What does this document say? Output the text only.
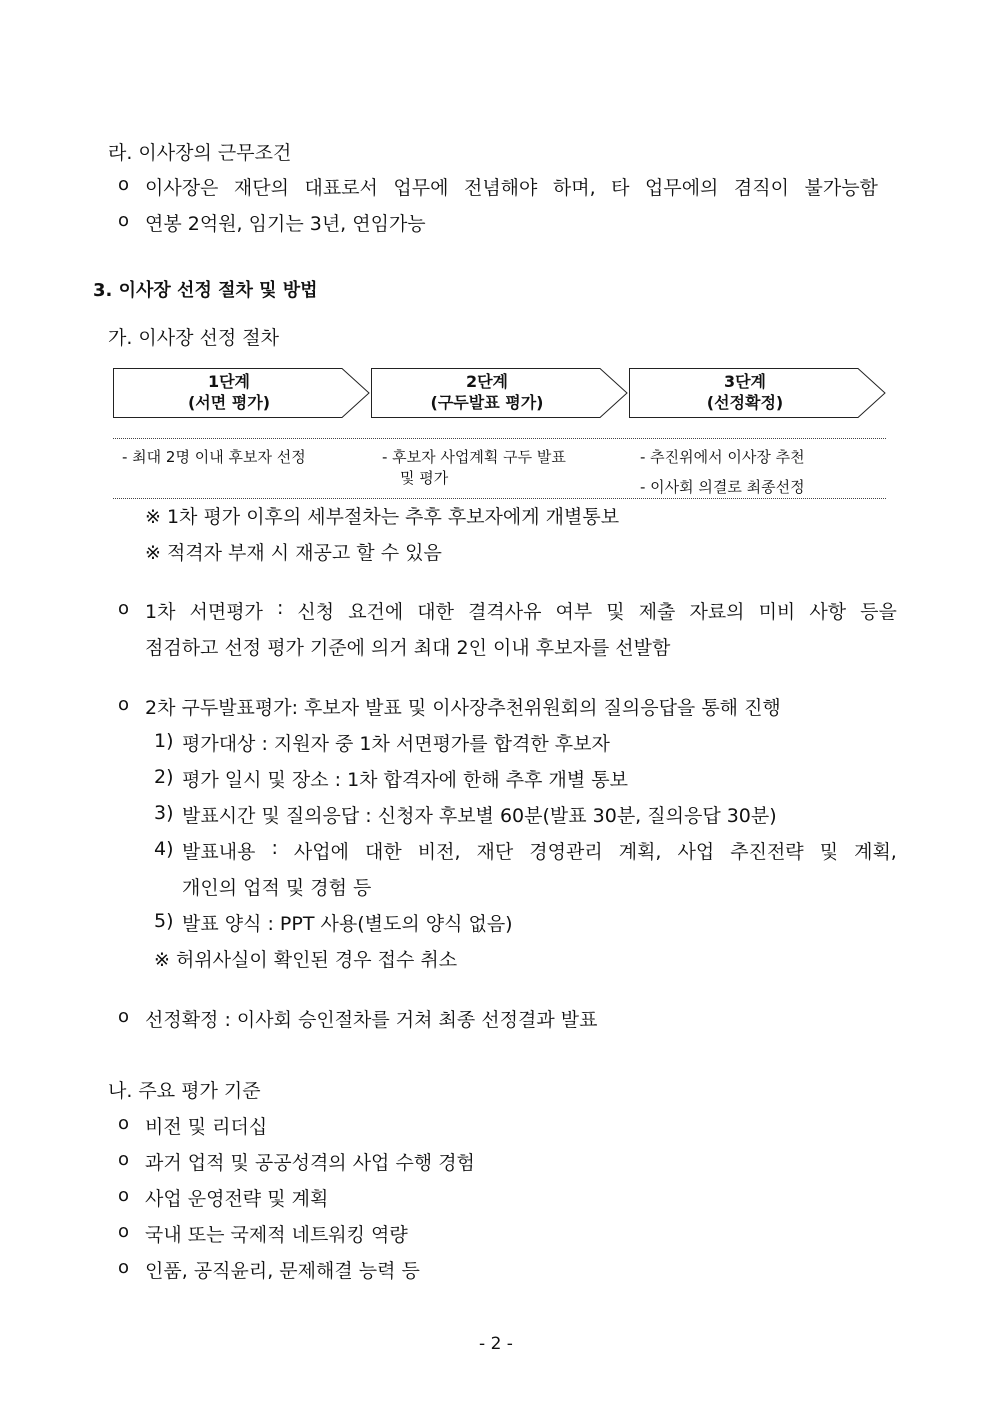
라. 이사장의 근무조건
o 이사장은 재단의 대표로서 업무에 전념해야 하며, 타 업무에의 겸직이 불가능함
o 연봉 2억원, 임기는 3년, 연임가능
3. 이사장 선정 절차 및 방법
가. 이사장 선정 절차
1단계
(서면 평가)
2단계
(구두발표 평가)
3단계
(선정확정)
- 최대 2명 이내 후보자 선정	- 후보자 사업계획 구두 발표
및 평가
- 추진위에서 이사장 추천
- 이사회 의결로 최종선정
※ 1차 평가 이후의 세부절차는 추후 후보자에게 개별통보
※ 적격자 부재 시 재공고 할 수 있음
o 1차 서면평가 : 신청 요건에 대한 결격사유 여부 및 제출 자료의 미비 사항 등을
점검하고 선정 평가 기준에 의거 최대 2인 이내 후보자를 선발함
o 2차 구두발표평가: 후보자 발표 및 이사장추천위원회의 질의응답을 통해 진행
1) 평가대상 : 지원자 중 1차 서면평가를 합격한 후보자
2) 평가 일시 및 장소 : 1차 합격자에 한해 추후 개별 통보
3) 발표시간 및 질의응답 : 신청자 후보별 60분(발표 30분, 질의응답 30분)
4) 발표내용 : 사업에 대한 비전, 재단 경영관리 계획, 사업 추진전략 및 계획,
개인의 업적 및 경험 등
5) 발표 양식 : PPT 사용(별도의 양식 없음)
※ 허위사실이 확인된 경우 접수 취소
o 선정확정 : 이사회 승인절차를 거쳐 최종 선정결과 발표
나. 주요 평가 기준
o 비전 및 리더십
o 과거 업적 및 공공성격의 사업 수행 경험
o 사업 운영전략 및 계획
o 국내 또는 국제적 네트워킹 역량
o 인품, 공직윤리, 문제해결 능력 등
- 2 -
